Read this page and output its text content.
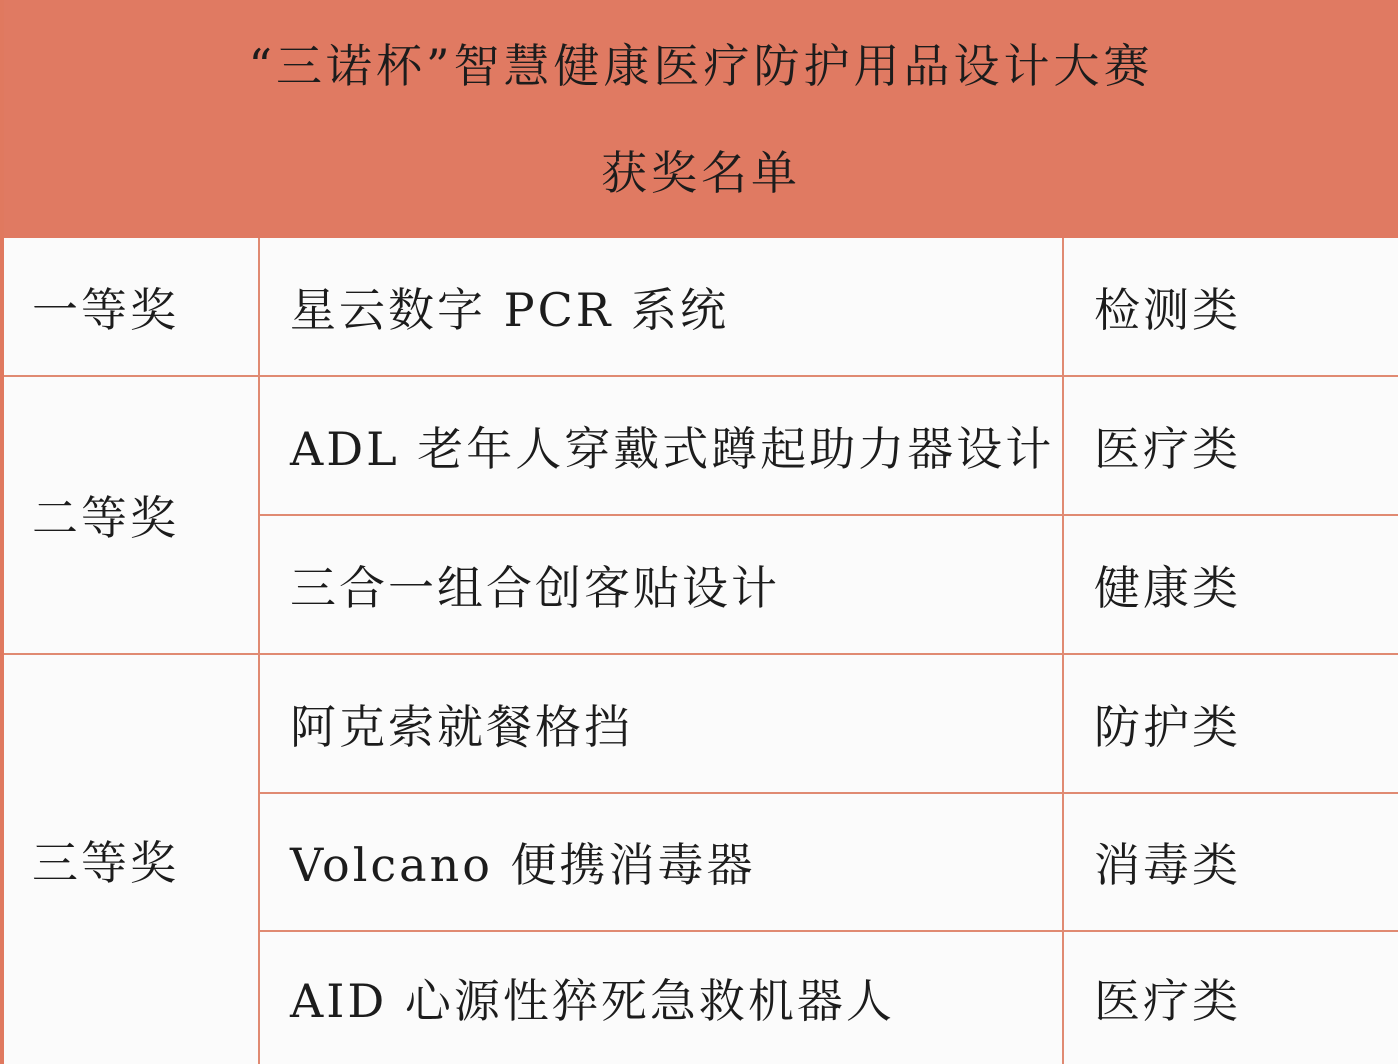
“三诺杯”智慧健康医疗防护用品设计大赛
获奖名单
一等奖
二等奖
三等奖
星云数字 PCR 系统
ADL 老年人穿戴式蹲起助力器设计
三合一组合创客贴设计
阿克索就餐格挡
Volcano 便携消毒器
AID 心源性猝死急救机器人
检测类
医疗类
健康类
防护类
消毒类
医疗类
